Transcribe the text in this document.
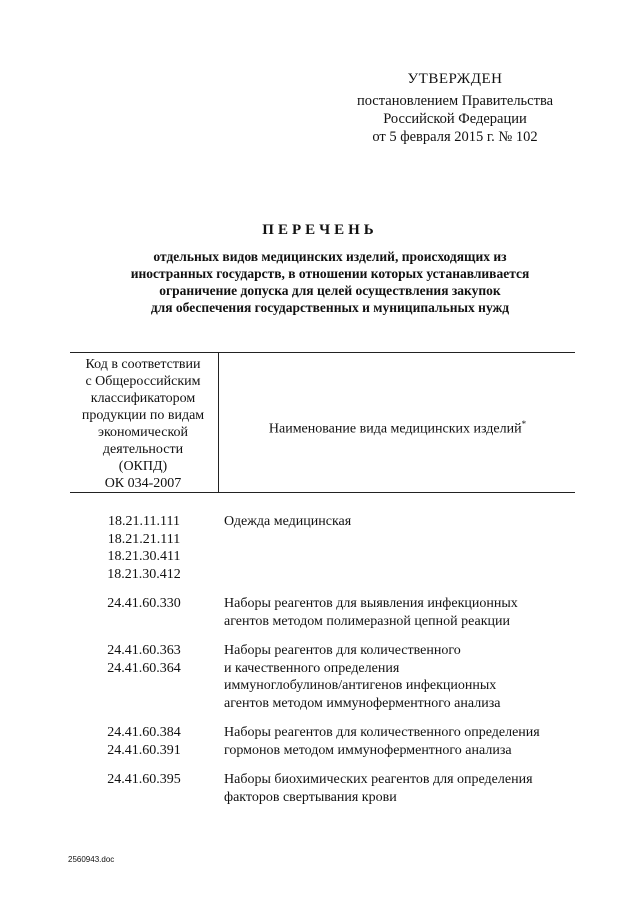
УТВЕРЖДЕН
постановлением Правительства
Российской Федерации
от 5 февраля 2015 г. № 102
ПЕРЕЧЕНЬ
отдельных видов медицинских изделий, происходящих из
иностранных государств, в отношении которых устанавливается
ограничение допуска для целей осуществления закупок
для обеспечения государственных и муниципальных нужд
Код в соответствии
с Общероссийским
классификатором
продукции по видам
экономической
деятельности
(ОКПД)
ОК 034-2007
Наименование вида медицинских изделий*
18.21.11.111
18.21.21.111
18.21.30.411
18.21.30.412
Одежда медицинская
24.41.60.330	Наборы реагентов для выявления инфекционных
агентов методом полимеразной цепной реакции
24.41.60.363
24.41.60.364
Наборы реагентов для количественного
и качественного определения
иммуноглобулинов/антигенов инфекционных
агентов методом иммуноферментного анализа
24.41.60.384
24.41.60.391
Наборы реагентов для количественного определения
гормонов методом иммуноферментного анализа
24.41.60.395	Наборы биохимических реагентов для определения
факторов свертывания крови
2560943.doc
